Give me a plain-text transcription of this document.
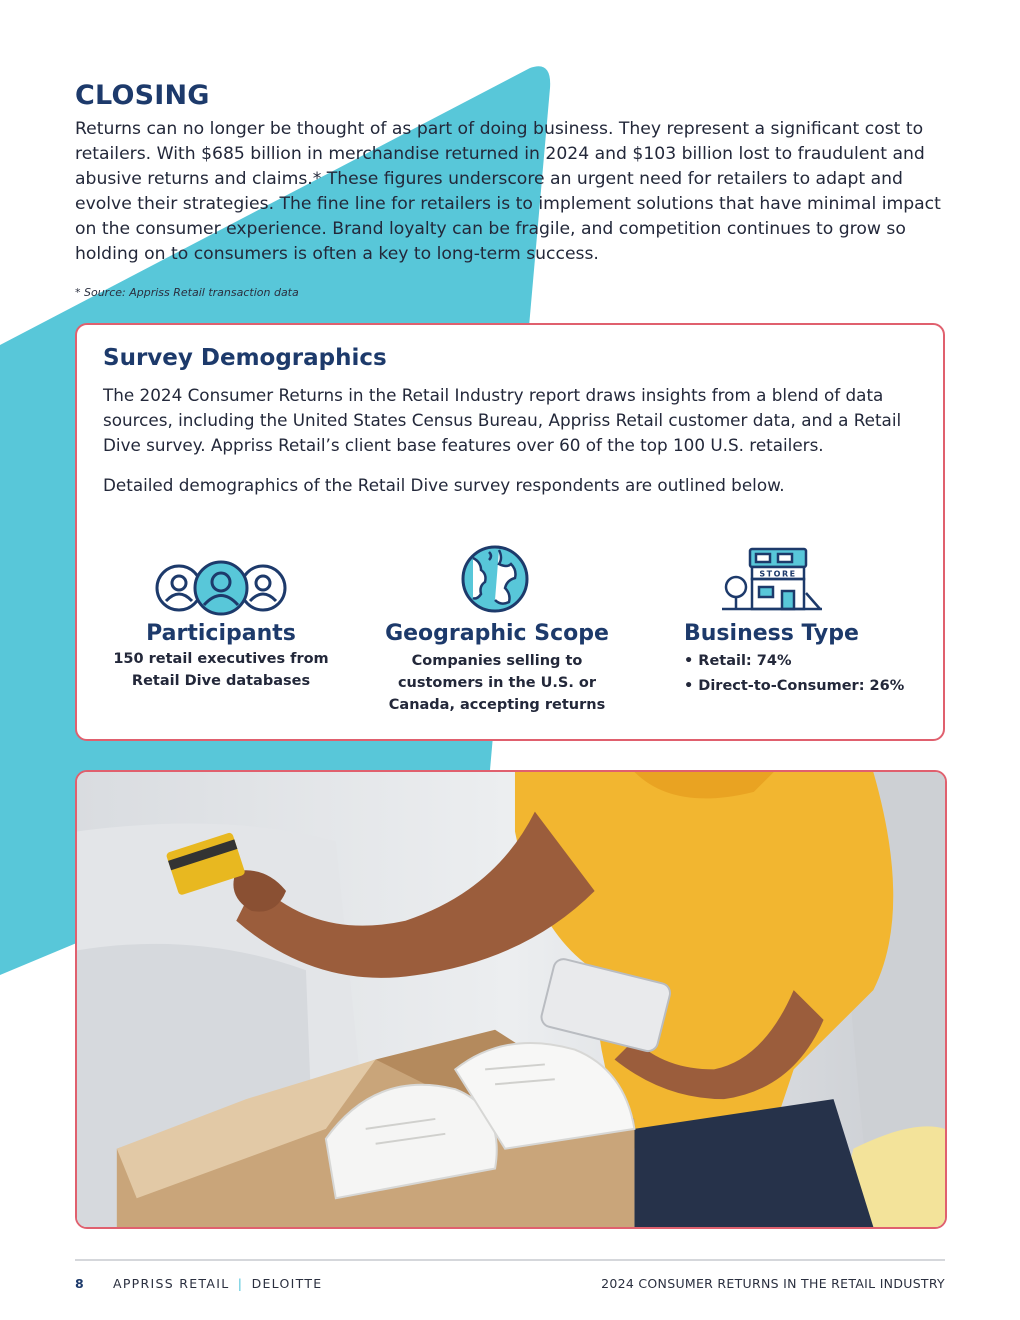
CLOSING

Returns can no longer be thought of as part of doing business. They represent a significant cost to retailers. With $685 billion in merchandise returned in 2024 and $103 billion lost to fraudulent and abusive returns and claims.* These figures underscore an urgent need for retailers to adapt and evolve their strategies. The fine line for retailers is to implement solutions that have minimal impact on the consumer experience. Brand loyalty can be fragile, and competition continues to grow so holding on to consumers is often a key to long-term success.

* Source: Appriss Retail transaction data

Survey Demographics

The 2024 Consumer Returns in the Retail Industry report draws insights from a blend of data sources, including the United States Census Bureau, Appriss Retail customer data, and a Retail Dive survey. Appriss Retail’s client base features over 60 of the top 100 U.S. retailers.

Detailed demographics of the Retail Dive survey respondents are outlined below.

Participants

150 retail executives from Retail Dive databases

Geographic Scope

Companies selling to customers in the U.S. or Canada, accepting returns

STORE
Business Type
• Retail: 74%
• Direct-to-Consumer: 26%
8 APPRISS RETAIL | DELOITTE	2024 CONSUMER RETURNS IN THE RETAIL INDUSTRY
